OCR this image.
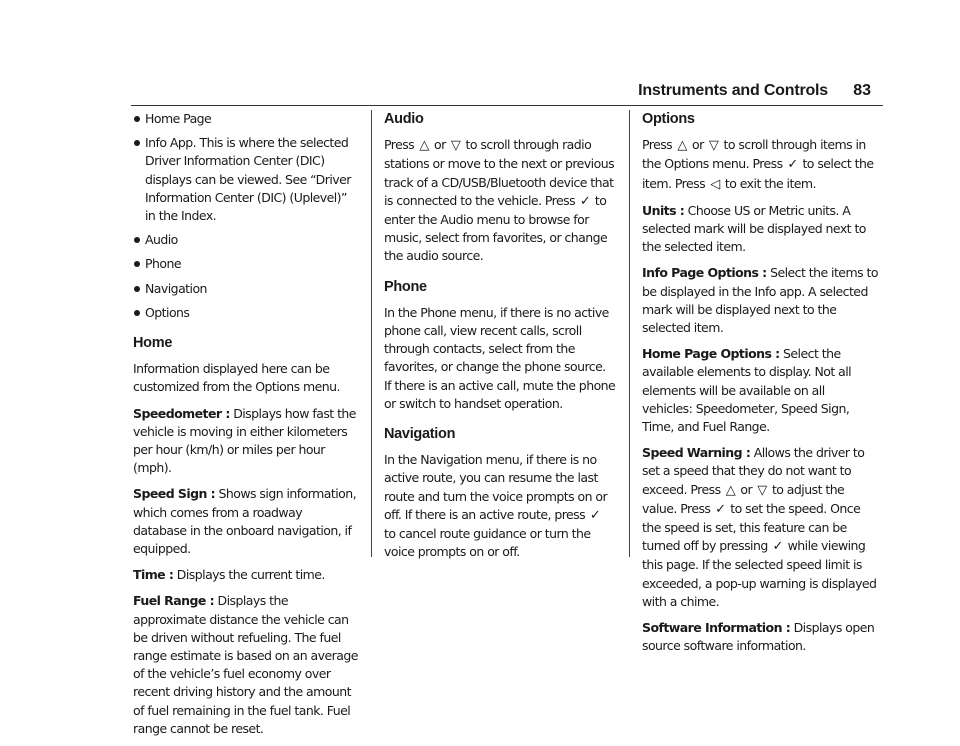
Instruments and Controls 83
Home Page
Info App. This is where the selected Driver Information Center (DIC) displays can be viewed. See “Driver Information Center (DIC) (Uplevel)” in the Index.
Audio
Phone
Navigation
Options
Home

Information displayed here can be customized from the Options menu.

Speedometer : Displays how fast the vehicle is moving in either kilometers per hour (km/h) or miles per hour (mph).

Speed Sign : Shows sign information, which comes from a roadway database in the onboard navigation, if equipped.

Time : Displays the current time.

Fuel Range : Displays the approximate distance the vehicle can be driven without refueling. The fuel range estimate is based on an average of the vehicle’s fuel economy over recent driving history and the amount of fuel remaining in the fuel tank. Fuel range cannot be reset.

Audio

Press △ or ▽ to scroll through radio stations or move to the next or previous track of a CD/USB/Bluetooth device that is connected to the vehicle. Press ✓ to enter the Audio menu to browse for music, select from favorites, or change the audio source.

Phone

In the Phone menu, if there is no active phone call, view recent calls, scroll through contacts, select from the favorites, or change the phone source. If there is an active call, mute the phone or switch to handset operation.

Navigation

In the Navigation menu, if there is no active route, you can resume the last route and turn the voice prompts on or off. If there is an active route, press ✓ to cancel route guidance or turn the voice prompts on or off.

Options

Press △ or ▽ to scroll through items in the Options menu. Press ✓ to select the item. Press ◁ to exit the item.

Units : Choose US or Metric units. A selected mark will be displayed next to the selected item.

Info Page Options : Select the items to be displayed in the Info app. A selected mark will be displayed next to the selected item.

Home Page Options : Select the available elements to display. Not all elements will be available on all vehicles: Speedometer, Speed Sign, Time, and Fuel Range.

Speed Warning : Allows the driver to set a speed that they do not want to exceed. Press △ or ▽ to adjust the value. Press ✓ to set the speed. Once the speed is set, this feature can be turned off by pressing ✓ while viewing this page. If the selected speed limit is exceeded, a pop-up warning is displayed with a chime.

Software Information : Displays open source software information.
